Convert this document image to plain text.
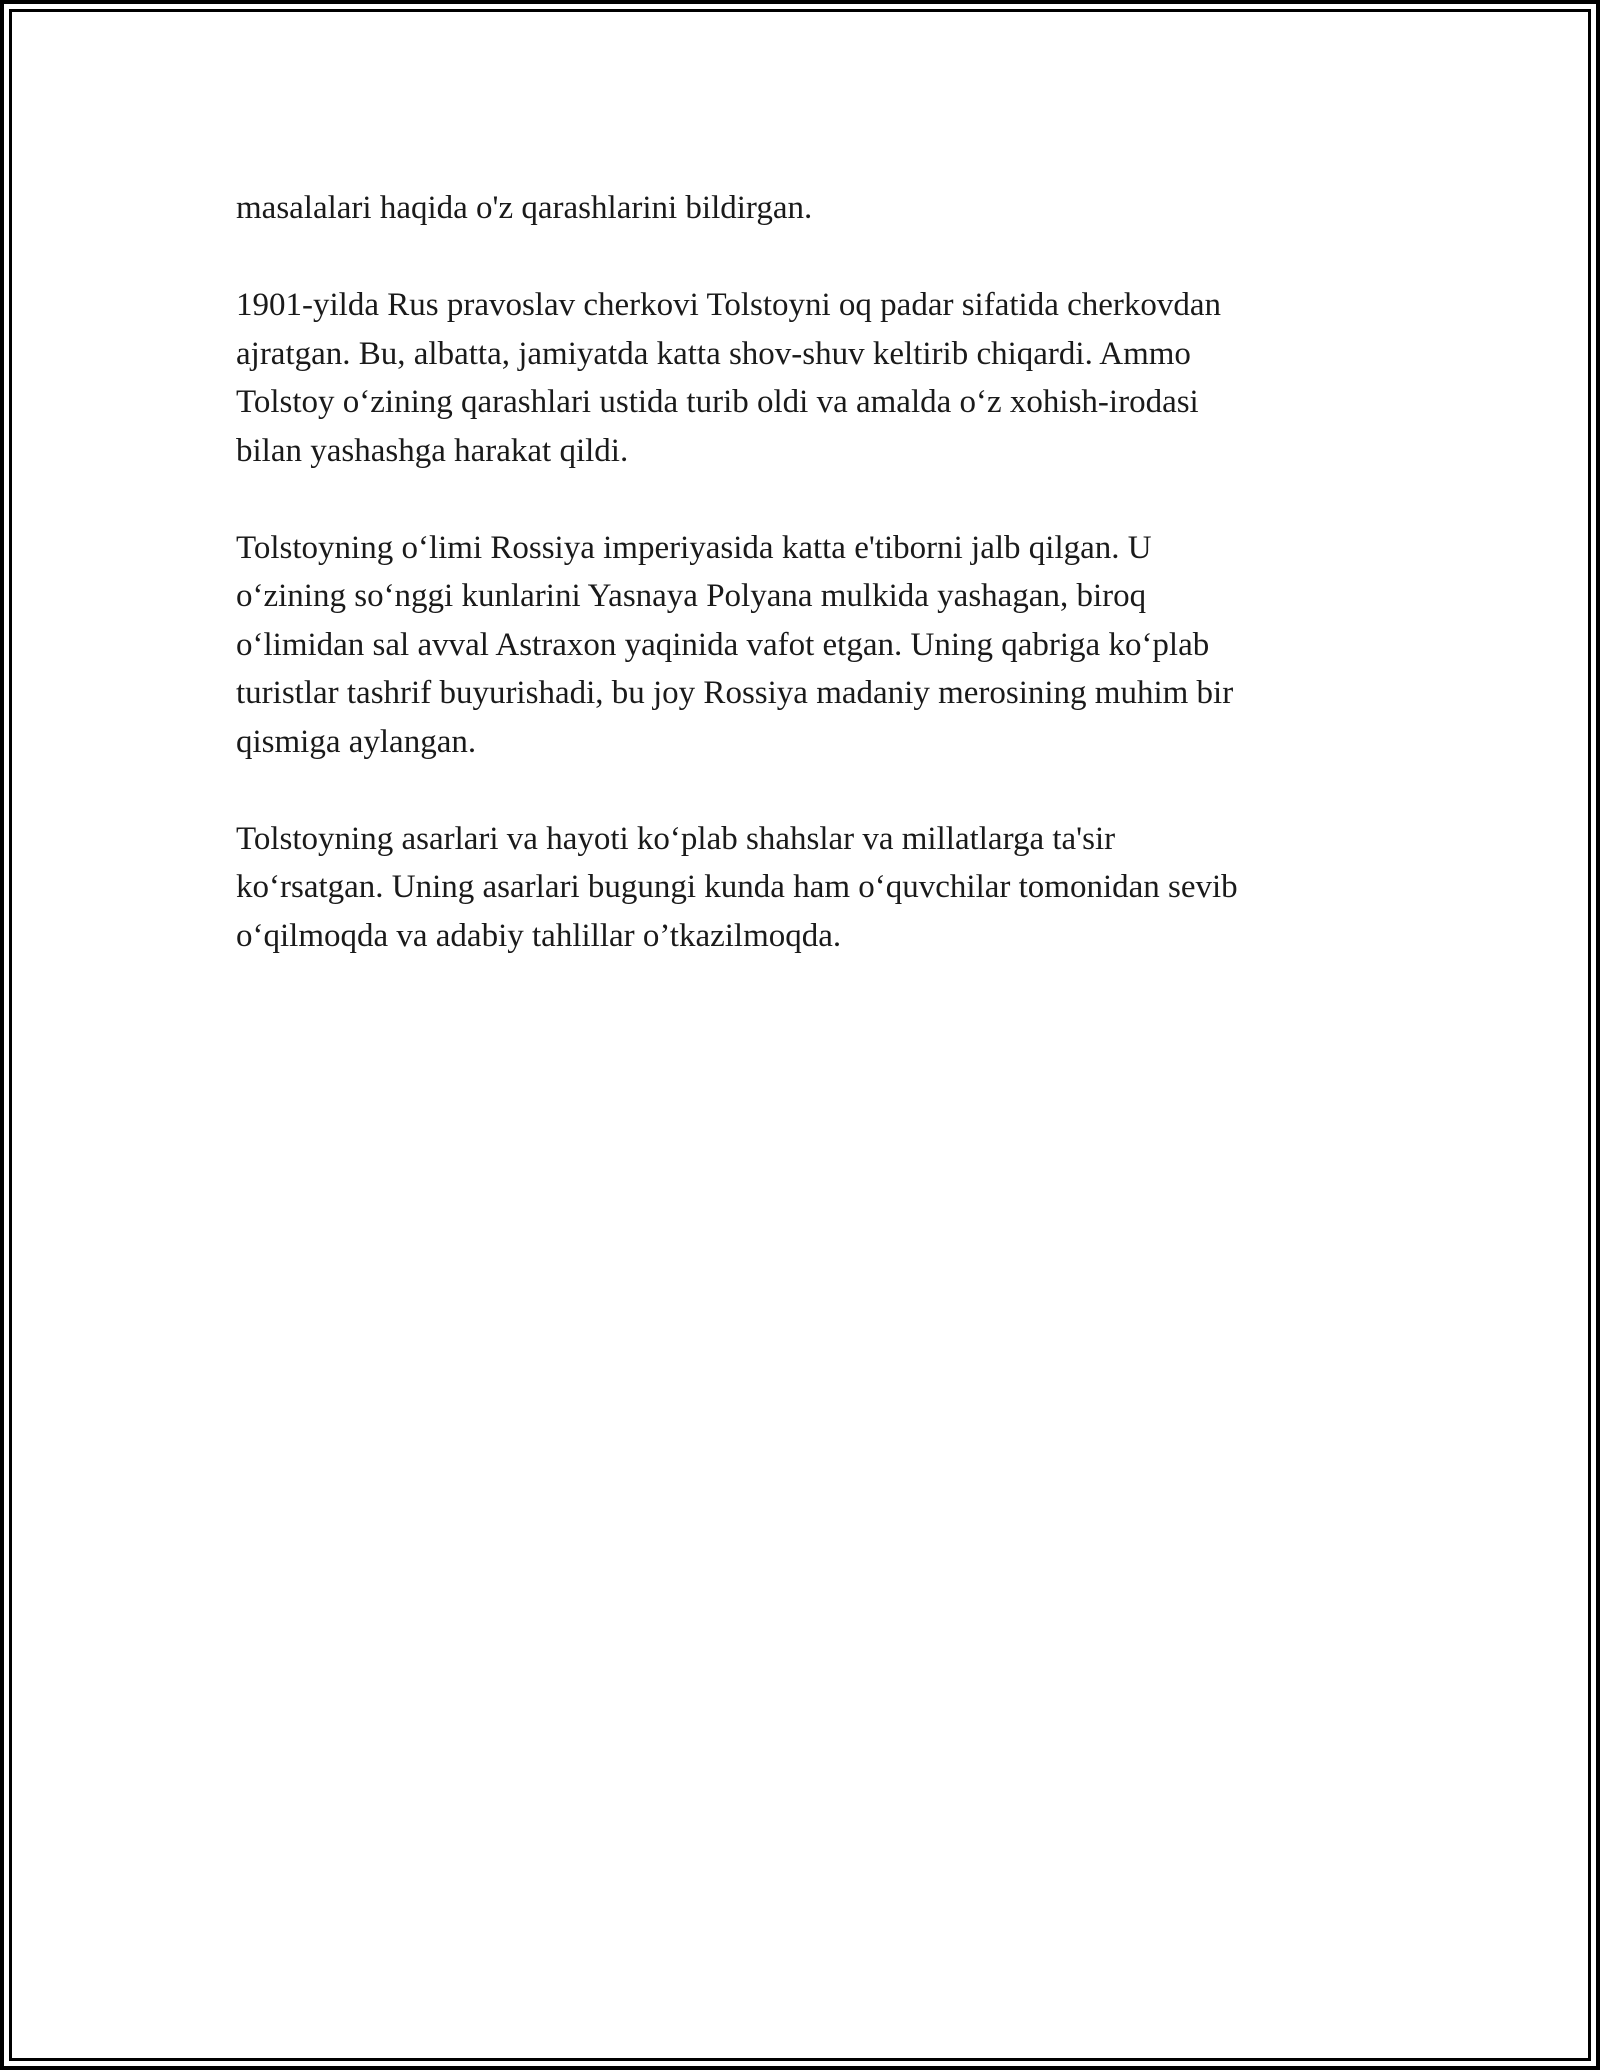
masalalari haqida o'z qarashlarini bildirgan.

1901-yilda Rus pravoslav cherkovi Tolstoyni oq padar sifatida cherkovdan
ajratgan. Bu, albatta, jamiyatda katta shov-shuv keltirib chiqardi. Ammo
Tolstoy oʻzining qarashlari ustida turib oldi va amalda oʻz xohish-irodasi
bilan yashashga harakat qildi.

Tolstoyning oʻlimi Rossiya imperiyasida katta e'tiborni jalb qilgan. U
oʻzining soʻnggi kunlarini Yasnaya Polyana mulkida yashagan, biroq
oʻlimidan sal avval Astraxon yaqinida vafot etgan. Uning qabriga koʻplab
turistlar tashrif buyurishadi, bu joy Rossiya madaniy merosining muhim bir
qismiga aylangan.

Tolstoyning asarlari va hayoti koʻplab shahslar va millatlarga ta'sir
koʻrsatgan. Uning asarlari bugungi kunda ham oʻquvchilar tomonidan sevib
oʻqilmoqda va adabiy tahlillar o’tkazilmoqda.
